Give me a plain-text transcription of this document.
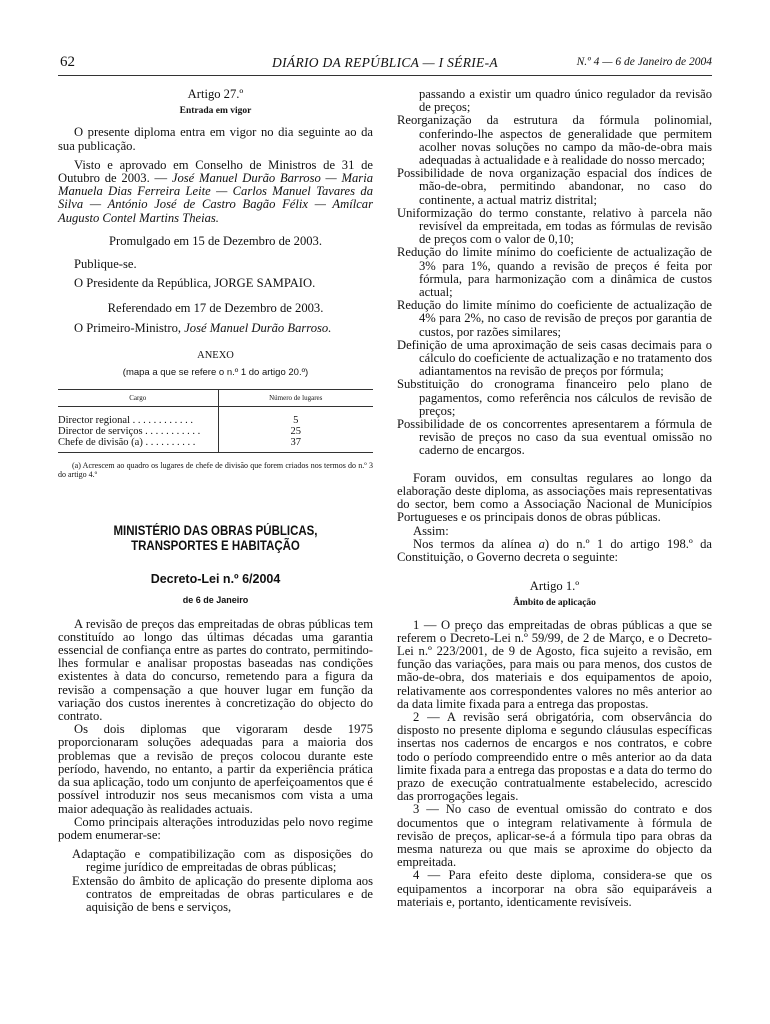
62	DIÁRIO DA REPÚBLICA — I SÉRIE-A	N.º 4 — 6 de Janeiro de 2004
Artigo 27.º
Entrada em vigor

O presente diploma entra em vigor no dia seguinte ao da sua publicação.

Visto e aprovado em Conselho de Ministros de 31 de Outubro de 2003. — José Manuel Durão Barroso — Maria Manuela Dias Ferreira Leite — Carlos Manuel Tavares da Silva — António José de Castro Bagão Félix — Amílcar Augusto Contel Martins Theias.

Promulgado em 15 de Dezembro de 2003.

Publique-se.

O Presidente da República, JORGE SAMPAIO.

Referendado em 17 de Dezembro de 2003.

O Primeiro-Ministro, José Manuel Durão Barroso.

ANEXO
(mapa a que se refere o n.º 1 do artigo 20.º)
Cargo	Número de lugares
Director regional . . . . . . . . . . . .	5
Director de serviços . . . . . . . . . . .	25
Chefe de divisão (a) . . . . . . . . . .	37

(a) Acrescem ao quadro os lugares de chefe de divisão que forem criados nos termos do n.º 3 do artigo 4.º

MINISTÉRIO DAS OBRAS PÚBLICAS,
TRANSPORTES E HABITAÇÃO
Decreto-Lei n.º 6/2004
de 6 de Janeiro

A revisão de preços das empreitadas de obras públicas tem constituído ao longo das últimas décadas uma garantia essencial de confiança entre as partes do contrato, permitindo-lhes formular e analisar propostas baseadas nas condições existentes à data do concurso, remetendo para a figura da revisão a compensação a que houver lugar em função da variação dos custos inerentes à concretização do objecto do contrato.

Os dois diplomas que vigoraram desde 1975 proporcionaram soluções adequadas para a maioria dos problemas que a revisão de preços colocou durante este período, havendo, no entanto, a partir da experiência prática da sua aplicação, todo um conjunto de aperfeiçoamentos que é possível introduzir nos seus mecanismos com vista a uma maior adequação às realidades actuais.

Como principais alterações introduzidas pelo novo regime podem enumerar-se:

Adaptação e compatibilização com as disposições do regime jurídico de empreitadas de obras públicas;
Extensão do âmbito de aplicação do presente diploma aos contratos de empreitadas de obras particulares e de aquisição de bens e serviços,

passando a existir um quadro único regulador da revisão de preços;

Reorganização da estrutura da fórmula polinomial, conferindo-lhe aspectos de generalidade que permitem acolher novas soluções no campo da mão-de-obra mais adequadas à actualidade e à realidade do nosso mercado;
Possibilidade de nova organização espacial dos índices de mão-de-obra, permitindo abandonar, no caso do continente, a actual matriz distrital;
Uniformização do termo constante, relativo à parcela não revisível da empreitada, em todas as fórmulas de revisão de preços com o valor de 0,10;
Redução do limite mínimo do coeficiente de actualização de 3% para 1%, quando a revisão de preços é feita por fórmula, para harmonização com a dinâmica de custos actual;
Redução do limite mínimo do coeficiente de actualização de 4% para 2%, no caso de revisão de preços por garantia de custos, por razões similares;
Definição de uma aproximação de seis casas decimais para o cálculo do coeficiente de actualização e no tratamento dos adiantamentos na revisão de preços por fórmula;
Substituição do cronograma financeiro pelo plano de pagamentos, como referência nos cálculos de revisão de preços;
Possibilidade de os concorrentes apresentarem a fórmula de revisão de preços no caso da sua eventual omissão no caderno de encargos.

Foram ouvidos, em consultas regulares ao longo da elaboração deste diploma, as associações mais representativas do sector, bem como a Associação Nacional de Municípios Portugueses e os principais donos de obras públicas.

Assim:

Nos termos da alínea a) do n.º 1 do artigo 198.º da Constituição, o Governo decreta o seguinte:

Artigo 1.º
Âmbito de aplicação

1 — O preço das empreitadas de obras públicas a que se referem o Decreto-Lei n.º 59/99, de 2 de Março, e o Decreto-Lei n.º 223/2001, de 9 de Agosto, fica sujeito a revisão, em função das variações, para mais ou para menos, dos custos de mão-de-obra, dos materiais e dos equipamentos de apoio, relativamente aos correspondentes valores no mês anterior ao da data limite fixada para a entrega das propostas.

2 — A revisão será obrigatória, com observância do disposto no presente diploma e segundo cláusulas específicas insertas nos cadernos de encargos e nos contratos, e cobre todo o período compreendido entre o mês anterior ao da data limite fixada para a entrega das propostas e a data do termo do prazo de execução contratualmente estabelecido, acrescido das prorrogações legais.

3 — No caso de eventual omissão do contrato e dos documentos que o integram relativamente à fórmula de revisão de preços, aplicar-se-á a fórmula tipo para obras da mesma natureza ou que mais se aproxime do objecto da empreitada.

4 — Para efeito deste diploma, considera-se que os equipamentos a incorporar na obra são equiparáveis a materiais e, portanto, identicamente revisíveis.
